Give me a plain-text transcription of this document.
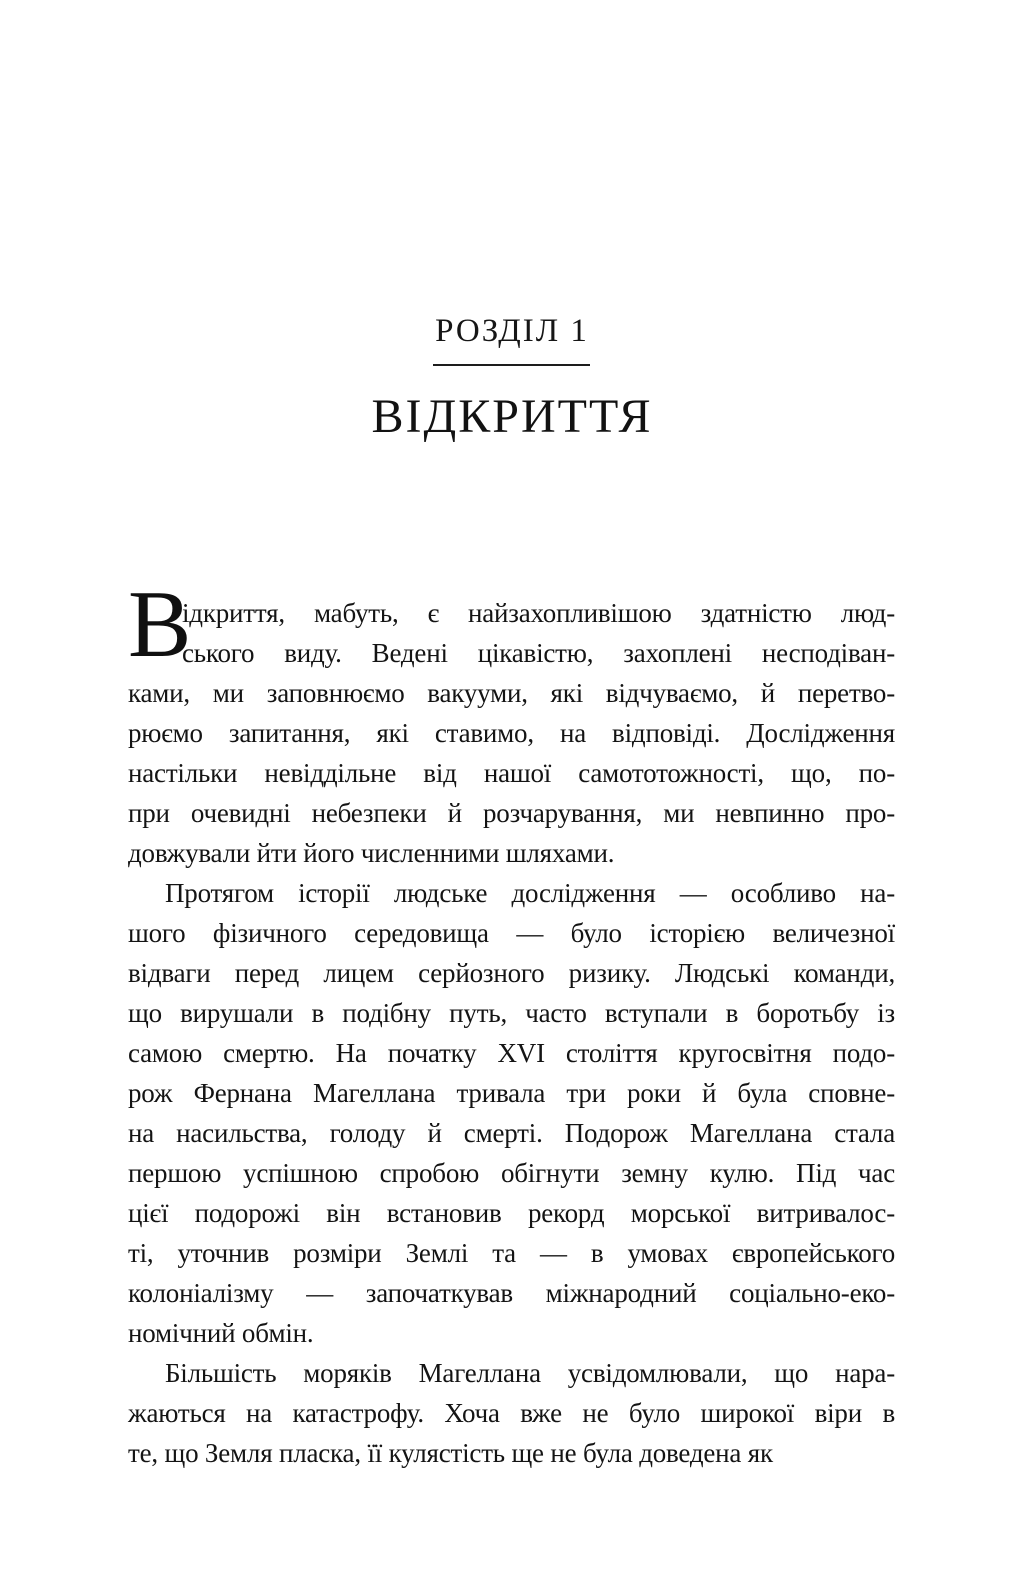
РОЗДІЛ 1
ВІДКРИТТЯ
В
ідкриття, мабуть, є найзахопливішою здатністю люд-
ського виду. Ведені цікавістю, захоплені несподіван-
ками, ми заповнюємо вакууми, які відчуваємо, й перетво-
рюємо запитання, які ставимо, на відповіді. Дослідження
настільки невіддільне від нашої самототожності, що, по-
при очевидні небезпеки й розчарування, ми невпинно про-
довжували йти його численними шляхами.
Протягом історії людське дослідження — особливо на-
шого фізичного середовища — було історією величезної
відваги перед лицем серйозного ризику. Людські команди,
що вирушали в подібну путь, часто вступали в боротьбу із
самою смертю. На початку XVI століття кругосвітня подо-
рож Фернана Магеллана тривала три роки й була сповне-
на насильства, голоду й смерті. Подорож Магеллана стала
першою успішною спробою обігнути земну кулю. Під час
цієї подорожі він встановив рекорд морської витривалос-
ті, уточнив розміри Землі та — в умовах європейського
колоніалізму — започаткував міжнародний соціально-еко-
номічний обмін.
Більшість моряків Магеллана усвідомлювали, що нара-
жаються на катастрофу. Хоча вже не було широкої віри в
те, що Земля пласка, її кулястість ще не була доведена як
